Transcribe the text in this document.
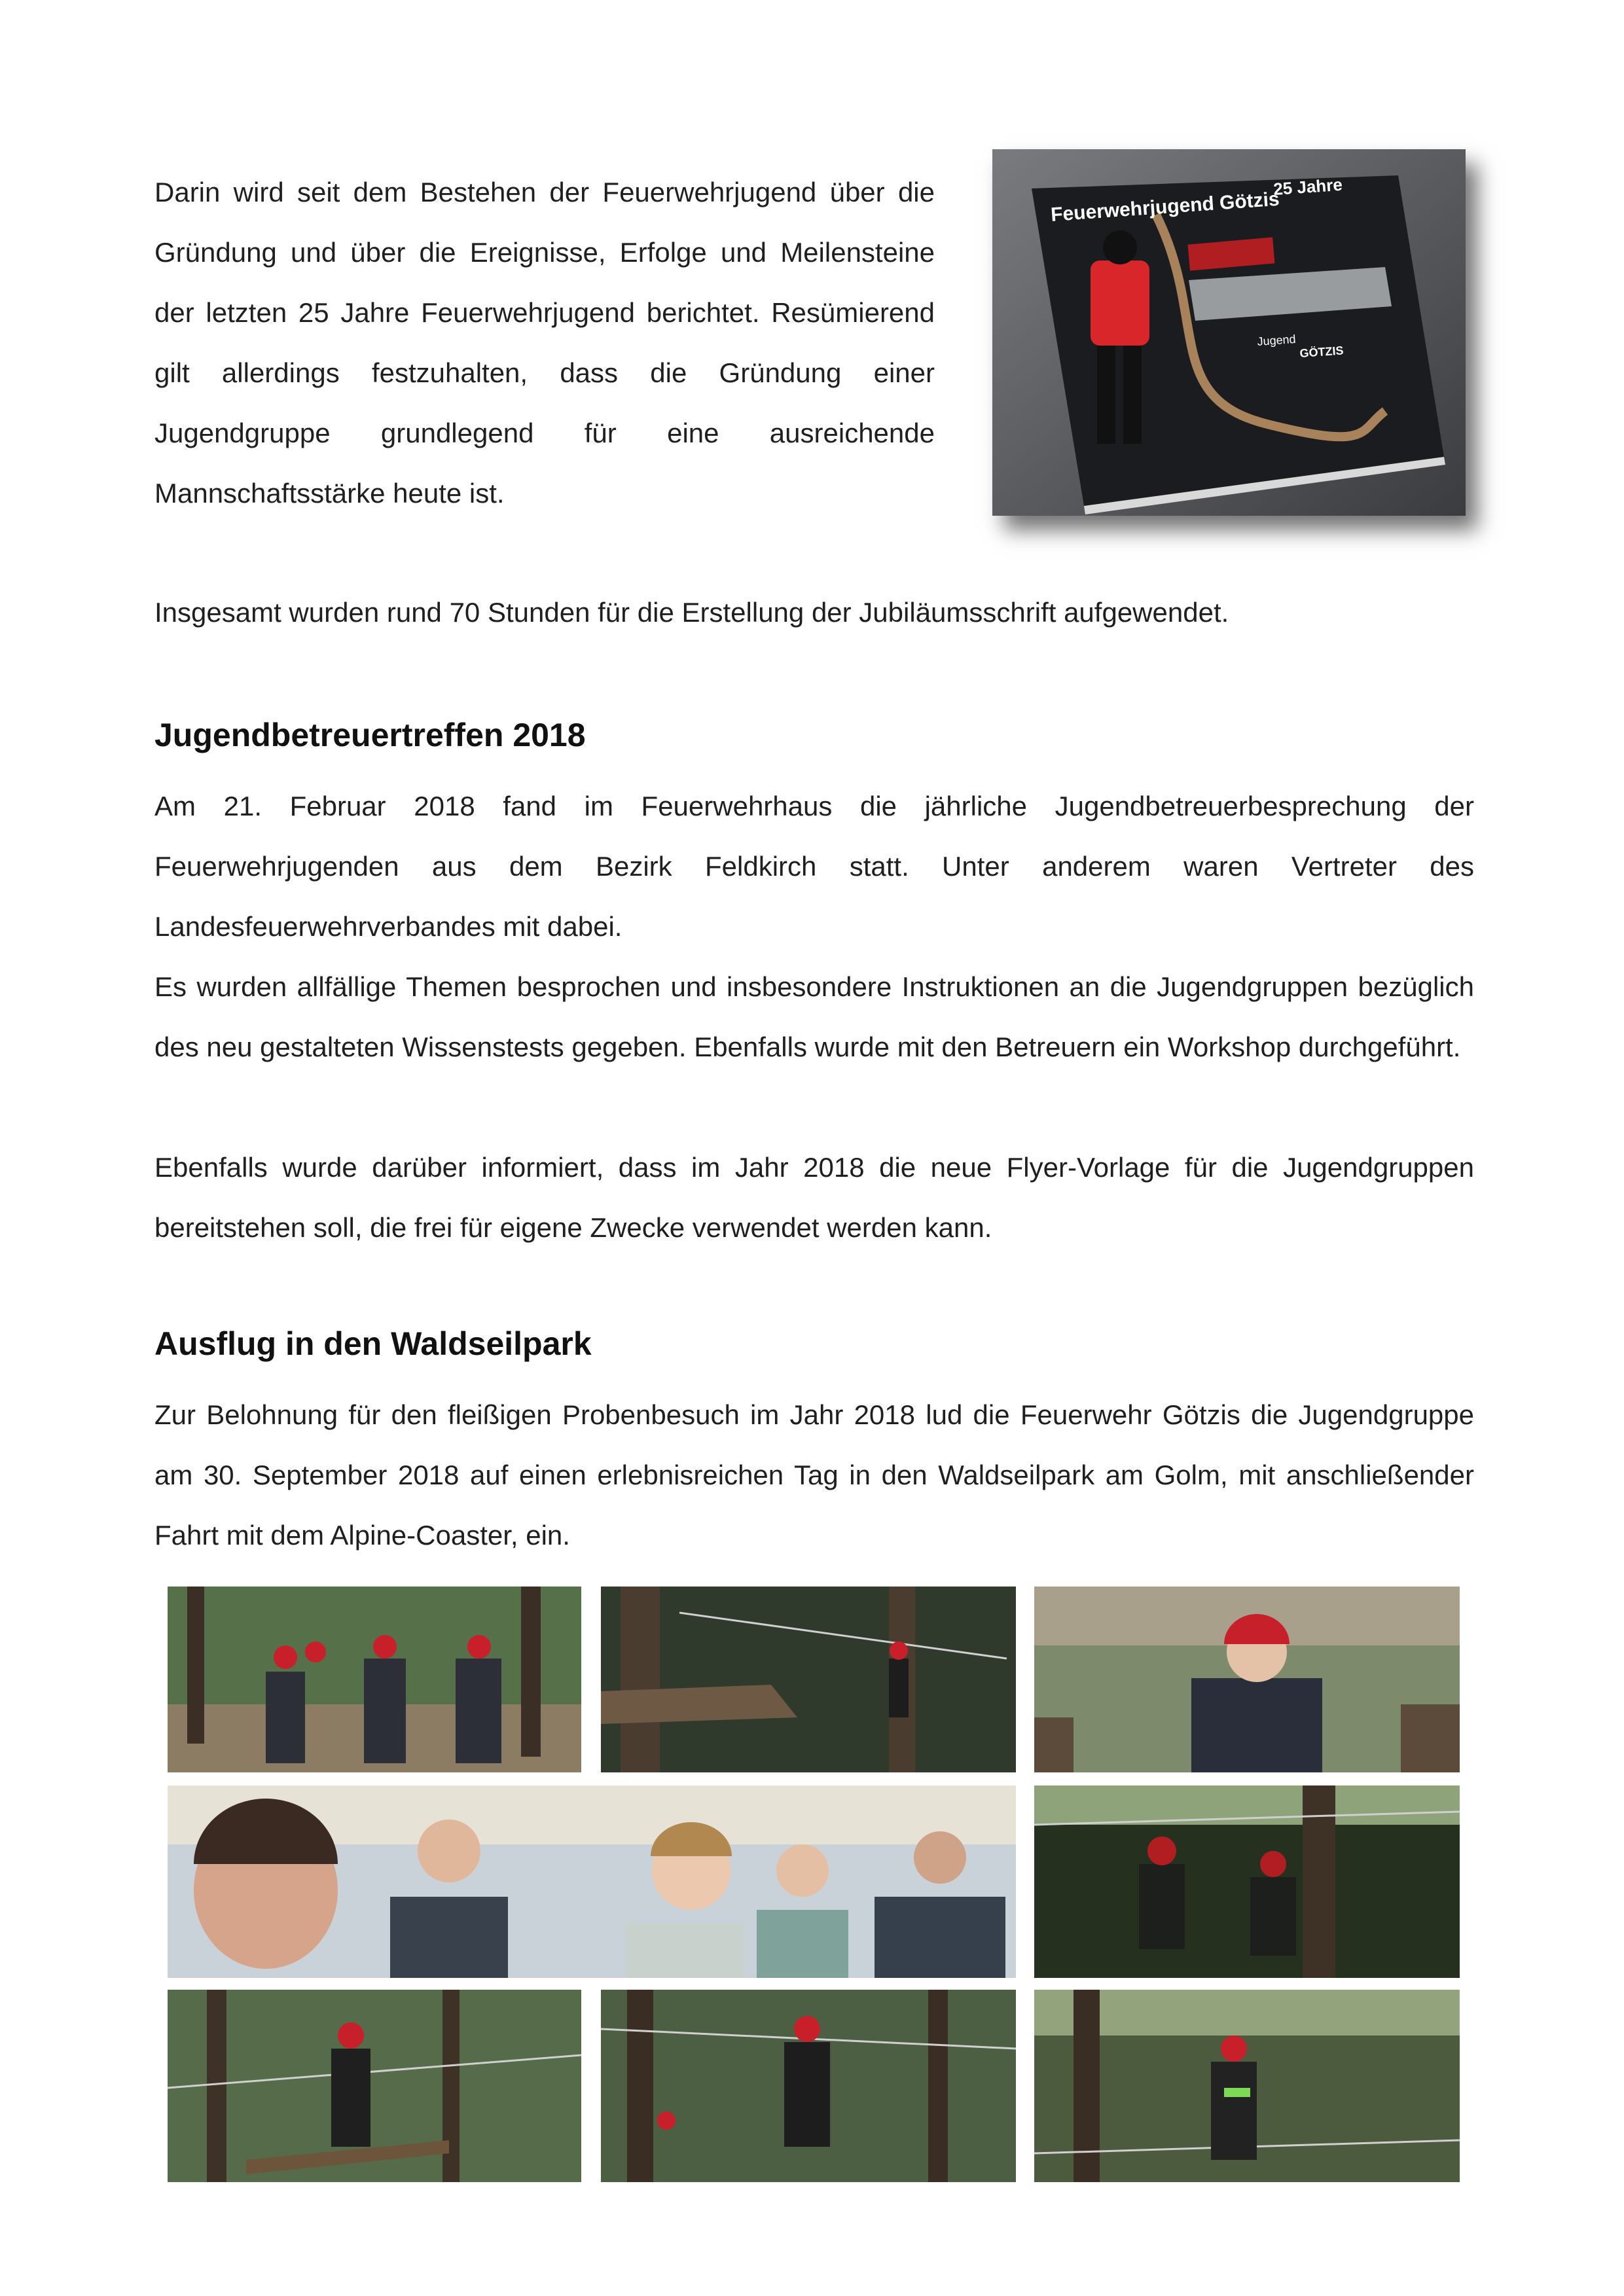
Darin wird seit dem Bestehen der Feuerwehrjugend über die Gründung und über die Ereignisse, Erfolge und Meilensteine der letzten 25 Jahre Feuerwehrjugend berichtet. Resümierend gilt allerdings festzuhalten, dass die Gründung einer Jugendgruppe grundlegend für eine ausreichende Mannschaftsstärke heute ist.

25 Jahre
Feuerwehrjugend Götzis
Jugend
GÖTZIS

Insgesamt wurden rund 70 Stunden für die Erstellung der Jubiläumsschrift aufgewendet.

Jugendbetreuertreffen 2018

Am 21. Februar 2018 fand im Feuerwehrhaus die jährliche Jugendbetreuerbesprechung der Feuerwehrjugenden aus dem Bezirk Feldkirch statt. Unter anderem waren Vertreter des Landesfeuerwehrverbandes mit dabei.

Es wurden allfällige Themen besprochen und insbesondere Instruktionen an die Jugendgruppen bezüglich des neu gestalteten Wissenstests gegeben. Ebenfalls wurde mit den Betreuern ein Workshop durchgeführt.

Ebenfalls wurde darüber informiert, dass im Jahr 2018 die neue Flyer-Vorlage für die Jugendgruppen bereitstehen soll, die frei für eigene Zwecke verwendet werden kann.

Ausflug in den Waldseilpark

Zur Belohnung für den fleißigen Probenbesuch im Jahr 2018 lud die Feuerwehr Götzis die Jugendgruppe am 30. September 2018 auf einen erlebnisreichen Tag in den Waldseilpark am Golm, mit anschließender Fahrt mit dem Alpine-Coaster, ein.
